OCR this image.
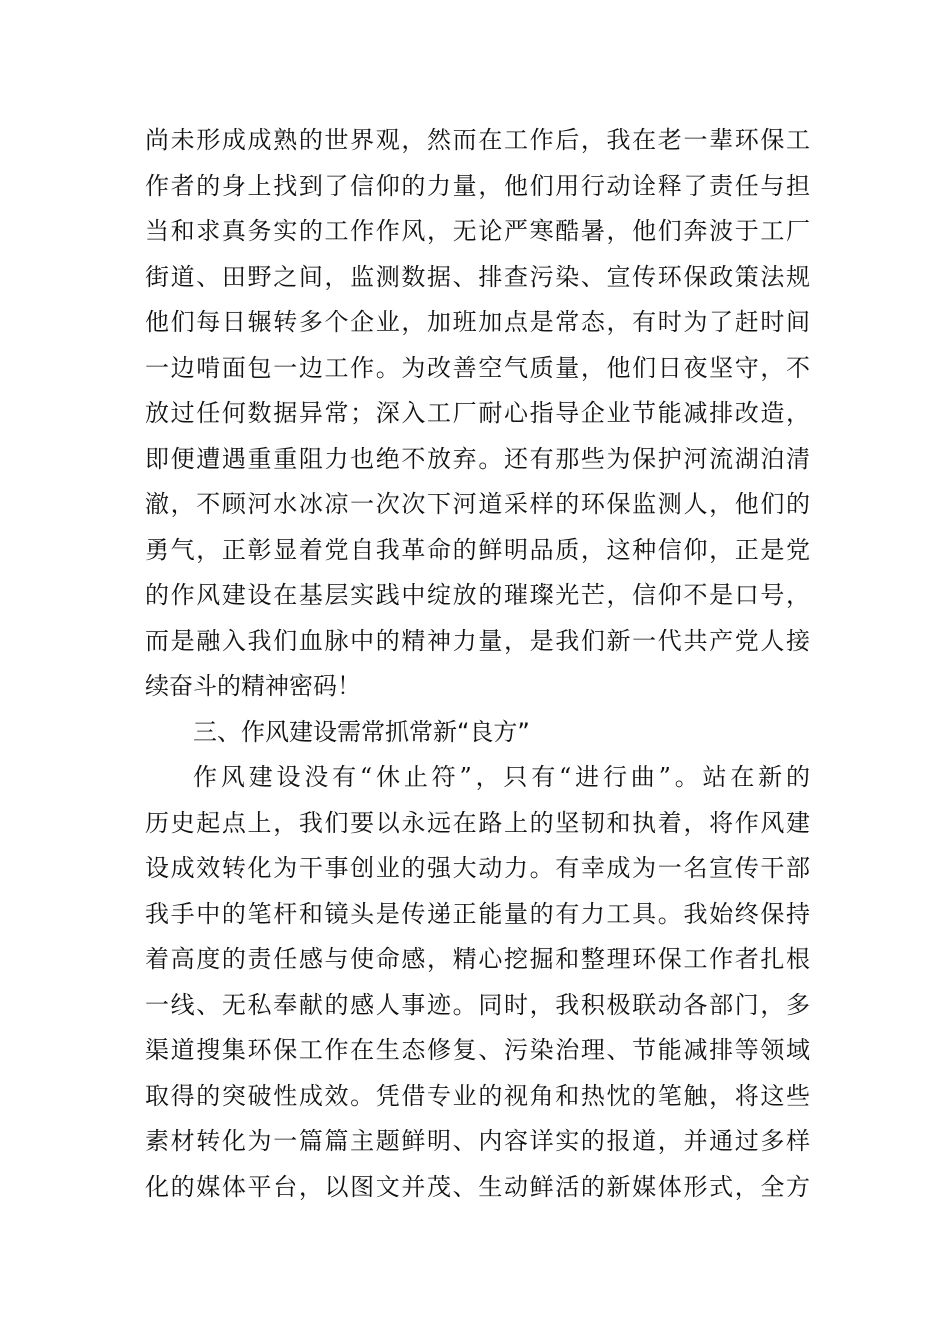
尚未形成成熟的世界观，然而在工作后，我在老一辈环保工
作者的身上找到了信仰的力量，他们用行动诠释了责任与担
当和求真务实的工作作风，无论严寒酷暑，他们奔波于工厂
街道、田野之间，监测数据、排查污染、宣传环保政策法规
他们每日辗转多个企业，加班加点是常态，有时为了赶时间
一边啃面包一边工作。为改善空气质量，他们日夜坚守，不
放过任何数据异常；深入工厂耐心指导企业节能减排改造，
即便遭遇重重阻力也绝不放弃。还有那些为保护河流湖泊清
澈，不顾河水冰凉一次次下河道采样的环保监测人，他们的
勇气，正彰显着党自我革命的鲜明品质，这种信仰，正是党
的作风建设在基层实践中绽放的璀璨光芒，信仰不是口号，
而是融入我们血脉中的精神力量，是我们新一代共产党人接
续奋斗的精神密码！
三、作风建设需常抓常新“良方”
作风建设没有“休止符”，只有“进行曲”。站在新的
历史起点上，我们要以永远在路上的坚韧和执着，将作风建
设成效转化为干事创业的强大动力。有幸成为一名宣传干部
我手中的笔杆和镜头是传递正能量的有力工具。我始终保持
着高度的责任感与使命感，精心挖掘和整理环保工作者扎根
一线、无私奉献的感人事迹。同时，我积极联动各部门，多
渠道搜集环保工作在生态修复、污染治理、节能减排等领域
取得的突破性成效。凭借专业的视角和热忱的笔触，将这些
素材转化为一篇篇主题鲜明、内容详实的报道，并通过多样
化的媒体平台，以图文并茂、生动鲜活的新媒体形式，全方
